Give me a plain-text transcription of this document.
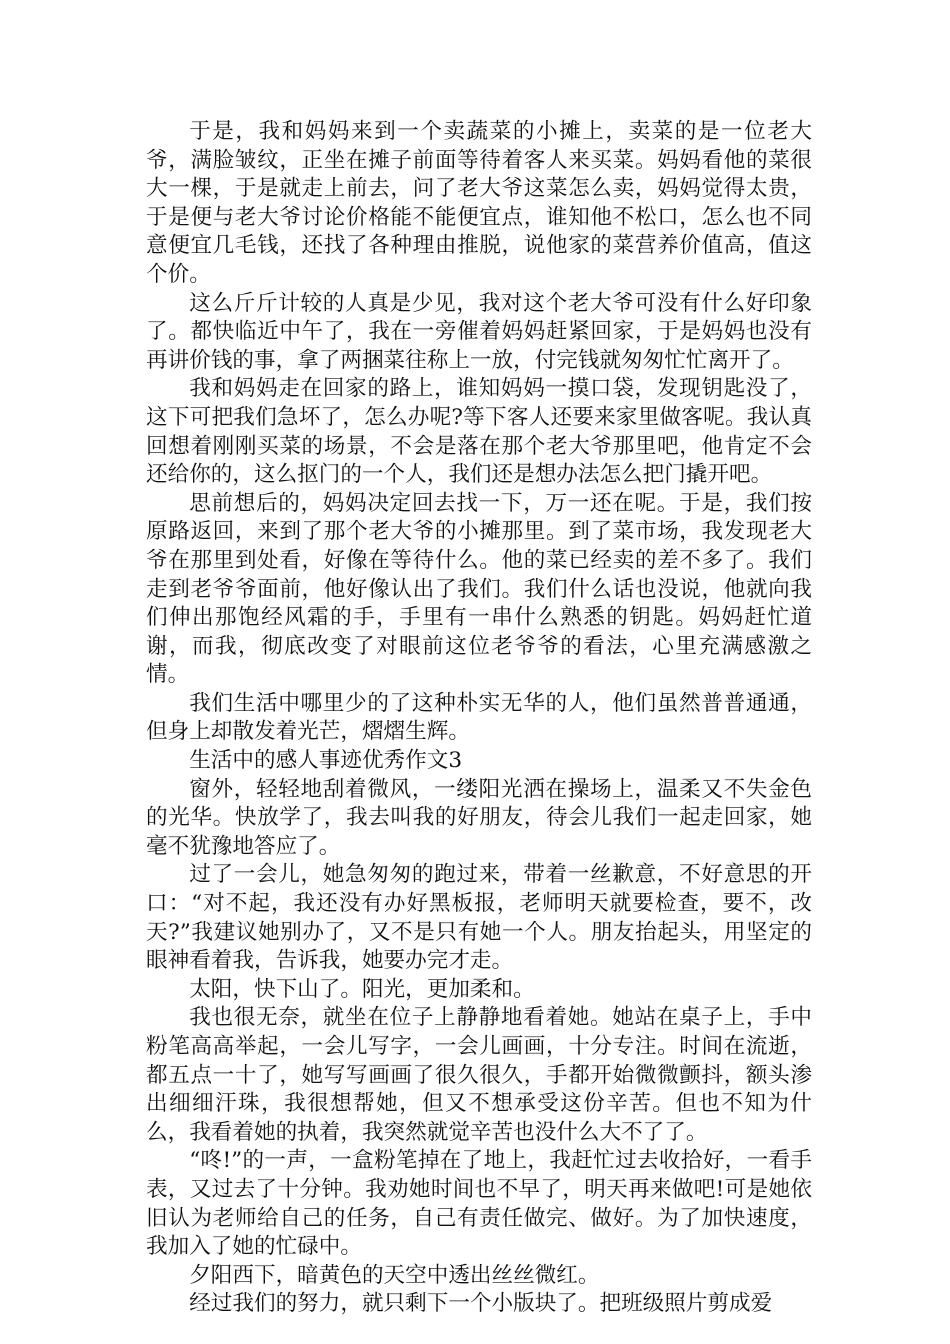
于是，我和妈妈来到一个卖蔬菜的小摊上，卖菜的是一位老大爷，满脸皱纹，正坐在摊子前面等待着客人来买菜。妈妈看他的菜很大一棵，于是就走上前去，问了老大爷这菜怎么卖，妈妈觉得太贵，于是便与老大爷讨论价格能不能便宜点，谁知他不松口，怎么也不同意便宜几毛钱，还找了各种理由推脱，说他家的菜营养价值高，值这个价。

这么斤斤计较的人真是少见，我对这个老大爷可没有什么好印象了。都快临近中午了，我在一旁催着妈妈赶紧回家，于是妈妈也没有再讲价钱的事，拿了两捆菜往称上一放，付完钱就匆匆忙忙离开了。

我和妈妈走在回家的路上，谁知妈妈一摸口袋，发现钥匙没了，这下可把我们急坏了，怎么办呢?等下客人还要来家里做客呢。我认真回想着刚刚买菜的场景，不会是落在那个老大爷那里吧，他肯定不会还给你的，这么抠门的一个人，我们还是想办法怎么把门撬开吧。

思前想后的，妈妈决定回去找一下，万一还在呢。于是，我们按原路返回，来到了那个老大爷的小摊那里。到了菜市场，我发现老大爷在那里到处看，好像在等待什么。他的菜已经卖的差不多了。我们走到老爷爷面前，他好像认出了我们。我们什么话也没说，他就向我们伸出那饱经风霜的手，手里有一串什么熟悉的钥匙。妈妈赶忙道谢，而我，彻底改变了对眼前这位老爷爷的看法，心里充满感激之情。

我们生活中哪里少的了这种朴实无华的人，他们虽然普普通通，但身上却散发着光芒，熠熠生辉。

生活中的感人事迹优秀作文3

窗外，轻轻地刮着微风，一缕阳光洒在操场上，温柔又不失金色的光华。快放学了，我去叫我的好朋友，待会儿我们一起走回家，她毫不犹豫地答应了。

过了一会儿，她急匆匆的跑过来，带着一丝歉意，不好意思的开口：“对不起，我还没有办好黑板报，老师明天就要检查，要不，改天?”我建议她别办了，又不是只有她一个人。朋友抬起头，用坚定的眼神看着我，告诉我，她要办完才走。

太阳，快下山了。阳光，更加柔和。

我也很无奈，就坐在位子上静静地看着她。她站在桌子上，手中粉笔高高举起，一会儿写字，一会儿画画，十分专注。时间在流逝，都五点一十了，她写写画画了很久很久，手都开始微微颤抖，额头渗出细细汗珠，我很想帮她，但又不想承受这份辛苦。但也不知为什么，我看着她的执着，我突然就觉辛苦也没什么大不了了。

“咚!”的一声，一盒粉笔掉在了地上，我赶忙过去收拾好，一看手表，又过去了十分钟。我劝她时间也不早了，明天再来做吧!可是她依旧认为老师给自己的任务，自己有责任做完、做好。为了加快速度，我加入了她的忙碌中。

夕阳西下，暗黄色的天空中透出丝丝微红。

经过我们的努力，就只剩下一个小版块了。把班级照片剪成爱
